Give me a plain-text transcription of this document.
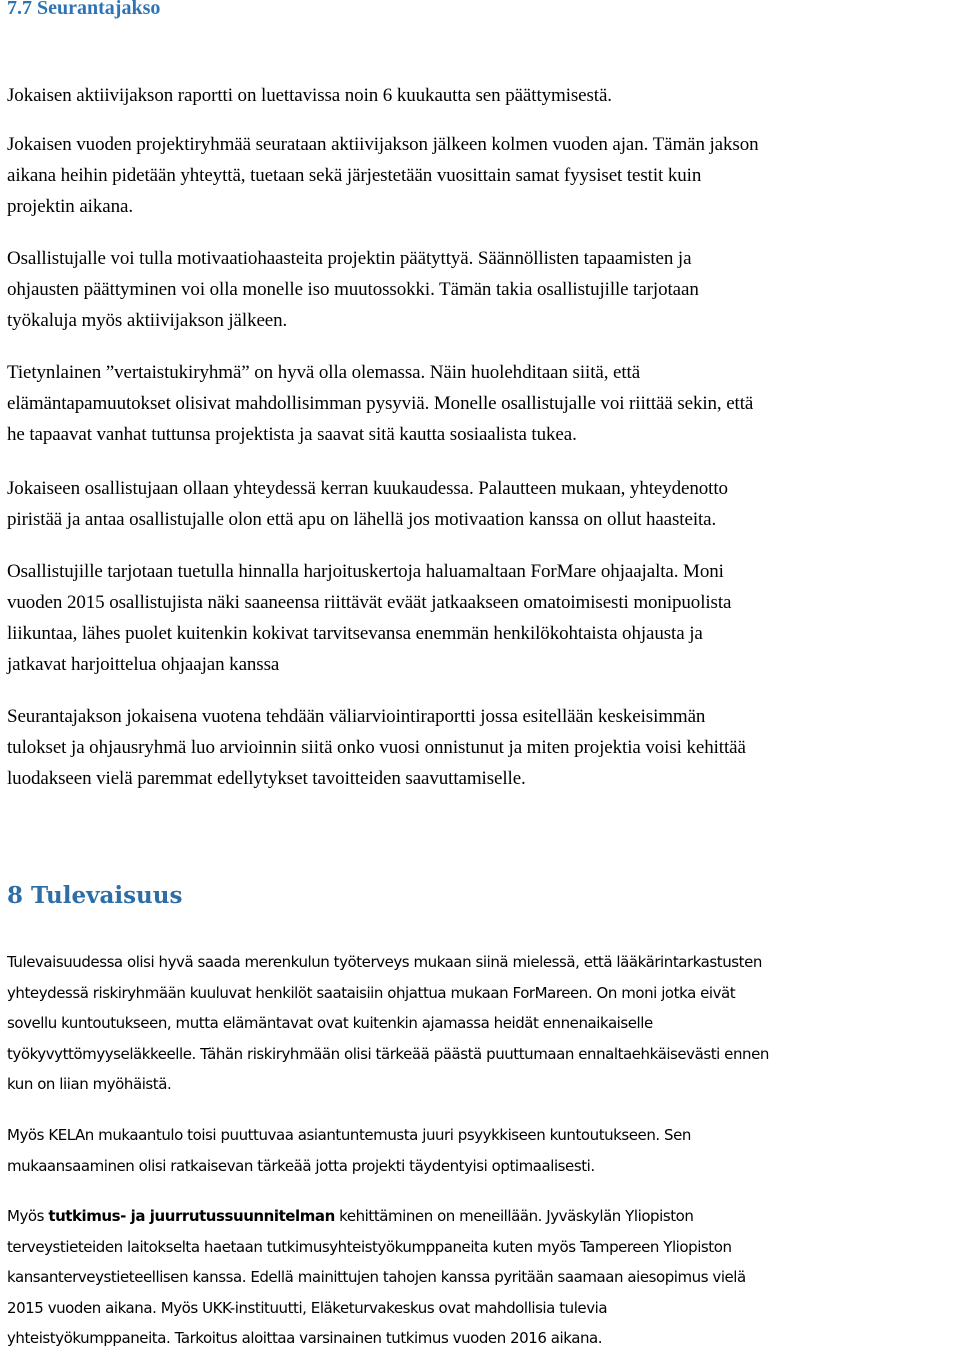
7.7 Seurantajakso

Jokaisen aktiivijakson raportti on luettavissa noin 6 kuukautta sen päättymisestä.

Jokaisen vuoden projektiryhmää seurataan aktiivijakson jälkeen kolmen vuoden ajan. Tämän jakson
aikana heihin pidetään yhteyttä, tuetaan sekä järjestetään vuosittain samat fyysiset testit kuin
projektin aikana.

Osallistujalle voi tulla motivaatiohaasteita projektin päätyttyä. Säännöllisten tapaamisten ja
ohjausten päättyminen voi olla monelle iso muutossokki. Tämän takia osallistujille tarjotaan
työkaluja myös aktiivijakson jälkeen.

Tietynlainen ”vertaistukiryhmä” on hyvä olla olemassa. Näin huolehditaan siitä, että
elämäntapamuutokset olisivat mahdollisimman pysyviä. Monelle osallistujalle voi riittää sekin, että
he tapaavat vanhat tuttunsa projektista ja saavat sitä kautta sosiaalista tukea.

Jokaiseen osallistujaan ollaan yhteydessä kerran kuukaudessa. Palautteen mukaan, yhteydenotto
piristää ja antaa osallistujalle olon että apu on lähellä jos motivaation kanssa on ollut haasteita.

Osallistujille tarjotaan tuetulla hinnalla harjoituskertoja haluamaltaan ForMare ohjaajalta. Moni
vuoden 2015 osallistujista näki saaneensa riittävät eväät jatkaakseen omatoimisesti monipuolista
liikuntaa, lähes puolet kuitenkin kokivat tarvitsevansa enemmän henkilökohtaista ohjausta ja
jatkavat harjoittelua ohjaajan kanssa

Seurantajakson jokaisena vuotena tehdään väliarviointiraportti jossa esitellään keskeisimmän
tulokset ja ohjausryhmä luo arvioinnin siitä onko vuosi onnistunut ja miten projektia voisi kehittää
luodakseen vielä paremmat edellytykset tavoitteiden saavuttamiselle.

8 Tulevaisuus

Tulevaisuudessa olisi hyvä saada merenkulun työterveys mukaan siinä mielessä, että lääkärintarkastusten
yhteydessä riskiryhmään kuuluvat henkilöt saataisiin ohjattua mukaan ForMareen. On moni jotka eivät
sovellu kuntoutukseen, mutta elämäntavat ovat kuitenkin ajamassa heidät ennenaikaiselle
työkyvyttömyyseläkkeelle. Tähän riskiryhmään olisi tärkeää päästä puuttumaan ennaltaehkäisevästi ennen
kun on liian myöhäistä.

Myös KELAn mukaantulo toisi puuttuvaa asiantuntemusta juuri psyykkiseen kuntoutukseen. Sen
mukaansaaminen olisi ratkaisevan tärkeää jotta projekti täydentyisi optimaalisesti.

Myös tutkimus- ja juurrutussuunnitelman kehittäminen on meneillään. Jyväskylän Yliopiston
terveystieteiden laitokselta haetaan tutkimusyhteistyökumppaneita kuten myös Tampereen Yliopiston
kansanterveystieteellisen kanssa. Edellä mainittujen tahojen kanssa pyritään saamaan aiesopimus vielä
2015 vuoden aikana. Myös UKK-instituutti, Eläketurvakeskus ovat mahdollisia tulevia
yhteistyökumppaneita. Tarkoitus aloittaa varsinainen tutkimus vuoden 2016 aikana.
